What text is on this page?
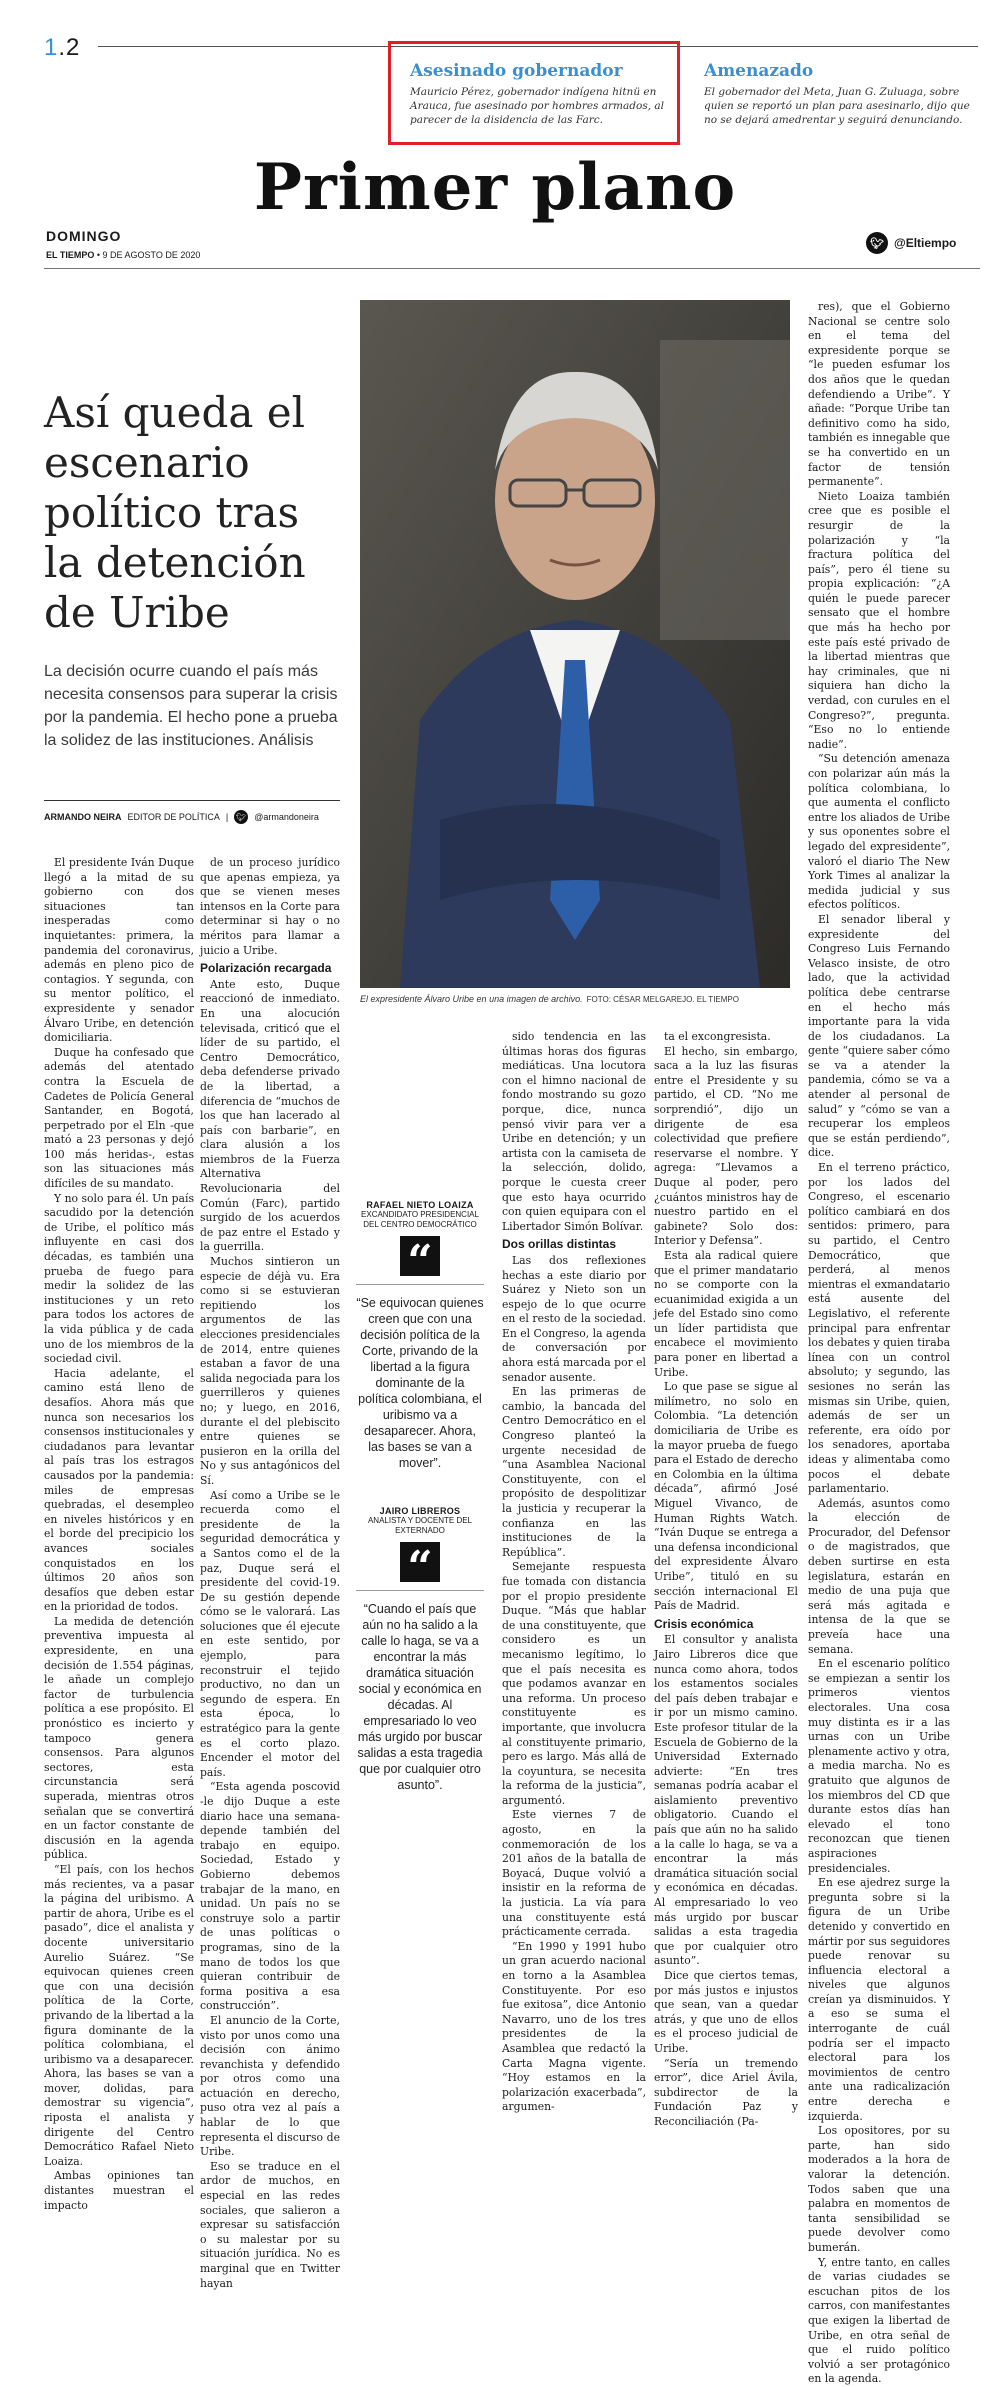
1.2
Asesinado gobernador

Mauricio Pérez, gobernador indígena hitnü en Arauca, fue asesinado por hombres armados, al parecer de la disidencia de las Farc.

Amenazado

El gobernador del Meta, Juan G. Zuluaga, sobre quien se reportó un plan para asesinarlo, dijo que no se dejará amedrentar y seguirá denunciando.

Primer plano
DOMINGO
EL TIEMPO • 9 DE AGOSTO DE 2020
🐦︎ @Eltiempo
Así queda el escenario político tras la detención de Uribe
La decisión ocurre cuando el país más necesita consensos para superar la crisis por la pandemia. El hecho pone a prueba la solidez de las instituciones. Análisis
ARMANDO NEIRA EDITOR DE POLÍTICA | 🐦︎ @armandoneira
El expresidente Álvaro Uribe en una imagen de archivo. FOTO: CÉSAR MELGAREJO. EL TIEMPO

El presidente Iván Duque llegó a la mitad de su gobierno con dos situaciones tan inesperadas como inquietantes: primera, la pandemia del coronavirus, además en pleno pico de contagios. Y segunda, con su mentor político, el expresidente y senador Álvaro Uribe, en detención domiciliaria.

Duque ha confesado que además del atentado contra la Escuela de Cadetes de Policía General Santander, en Bogotá, perpetrado por el Eln -que mató a 23 personas y dejó 100 más heridas-, estas son las situaciones más difíciles de su mandato.

Y no solo para él. Un país sacudido por la detención de Uribe, el político más influyente en casi dos décadas, es también una prueba de fuego para medir la solidez de las instituciones y un reto para todos los actores de la vida pública y de cada uno de los miembros de la sociedad civil.

Hacia adelante, el camino está lleno de desafíos. Ahora más que nunca son necesarios los consensos institucionales y ciudadanos para levantar al país tras los estragos causados por la pandemia: miles de empresas quebradas, el desempleo en niveles históricos y en el borde del precipicio los avances sociales conquistados en los últimos 20 años son desafíos que deben estar en la prioridad de todos.

La medida de detención preventiva impuesta al expresidente, en una decisión de 1.554 páginas, le añade un complejo factor de turbulencia política a ese propósito. El pronóstico es incierto y tampoco genera consensos. Para algunos sectores, esta circunstancia será superada, mientras otros señalan que se convertirá en un factor constante de discusión en la agenda pública.

“El país, con los hechos más recientes, va a pasar la página del uribismo. A partir de ahora, Uribe es el pasado”, dice el analista y docente universitario Aurelio Suárez. “Se equivocan quienes creen que con una decisión política de la Corte, privando de la libertad a la figura dominante de la política colombiana, el uribismo va a desaparecer. Ahora, las bases se van a mover, dolidas, para demostrar su vigencia”, riposta el analista y dirigente del Centro Democrático Rafael Nieto Loaiza.

Ambas opiniones tan distantes muestran el impacto

de un proceso jurídico que apenas empieza, ya que se vienen meses intensos en la Corte para determinar si hay o no méritos para llamar a juicio a Uribe.

Polarización recargada

Ante esto, Duque reaccionó de inmediato. En una alocución televisada, criticó que el líder de su partido, el Centro Democrático, deba defenderse privado de la libertad, a diferencia de “muchos de los que han lacerado al país con barbarie”, en clara alusión a los miembros de la Fuerza Alternativa Revolucionaria del Común (Farc), partido surgido de los acuerdos de paz entre el Estado y la guerrilla.

Muchos sintieron un especie de déjà vu. Era como si se estuvieran repitiendo los argumentos de las elecciones presidenciales de 2014, entre quienes estaban a favor de una salida negociada para los guerrilleros y quienes no; y luego, en 2016, durante el del plebiscito entre quienes se pusieron en la orilla del No y sus antagónicos del Sí.

Así como a Uribe se le recuerda como el presidente de la seguridad democrática y a Santos como el de la paz, Duque será el presidente del covid-19. De su gestión depende cómo se le valorará. Las soluciones que él ejecute en este sentido, por ejemplo, para reconstruir el tejido productivo, no dan un segundo de espera. En esta época, lo estratégico para la gente es el corto plazo. Encender el motor del país.

“Esta agenda poscovid -le dijo Duque a este diario hace una semana- depende también del trabajo en equipo. Sociedad, Estado y Gobierno debemos trabajar de la mano, en unidad. Un país no se construye solo a partir de unas políticas o programas, sino de la mano de todos los que quieran contribuir de forma positiva a esa construcción”.

El anuncio de la Corte, visto por unos como una decisión con ánimo revanchista y defendido por otros como una actuación en derecho, puso otra vez al país a hablar de lo que representa el discurso de Uribe.

Eso se traduce en el ardor de muchos, en especial en las redes sociales, que salieron a expresar su satisfacción o su malestar por su situación jurídica. No es marginal que en Twitter hayan

RAFAEL NIETO LOAIZA
EXCANDIDATO PRESIDENCIAL DEL CENTRO DEMOCRÁTICO
“
“Se equivocan quienes creen que con una decisión política de la Corte, privando de la libertad a la figura dominante de la política colombiana, el uribismo va a desaparecer. Ahora, las bases se van a mover”.
JAIRO LIBREROS
ANALISTA Y DOCENTE DEL EXTERNADO
“
“Cuando el país que aún no ha salido a la calle lo haga, se va a encontrar la más dramática situación social y económica en décadas. Al empresariado lo veo más urgido por buscar salidas a esta tragedia que por cualquier otro asunto”.

sido tendencia en las últimas horas dos figuras mediáticas. Una locutora con el himno nacional de fondo mostrando su gozo porque, dice, nunca pensó vivir para ver a Uribe en detención; y un artista con la camiseta de la selección, dolido, porque le cuesta creer que esto haya ocurrido con quien equipara con el Libertador Simón Bolívar.

Dos orillas distintas

Las dos reflexiones hechas a este diario por Suárez y Nieto son un espejo de lo que ocurre en el resto de la sociedad. En el Congreso, la agenda de conversación por ahora está marcada por el senador ausente.

En las primeras de cambio, la bancada del Centro Democrático en el Congreso planteó la urgente necesidad de “una Asamblea Nacional Constituyente, con el propósito de despolitizar la justicia y recuperar la confianza en las instituciones de la República”.

Semejante respuesta fue tomada con distancia por el propio presidente Duque. “Más que hablar de una constituyente, que considero es un mecanismo legítimo, lo que el país necesita es que podamos avanzar en una reforma. Un proceso constituyente es importante, que involucra al constituyente primario, pero es largo. Más allá de la coyuntura, se necesita la reforma de la justicia”, argumentó.

Este viernes 7 de agosto, en la conmemoración de los 201 años de la batalla de Boyacá, Duque volvió a insistir en la reforma de la justicia. La vía para una constituyente está prácticamente cerrada.

“En 1990 y 1991 hubo un gran acuerdo nacional en torno a la Asamblea Constituyente. Por eso fue exitosa”, dice Antonio Navarro, uno de los tres presidentes de la Asamblea que redactó la Carta Magna vigente. “Hoy estamos en la polarización exacerbada”, argumen-

ta el excongresista.

El hecho, sin embargo, saca a la luz las fisuras entre el Presidente y su partido, el CD. “No me sorprendió”, dijo un dirigente de esa colectividad que prefiere reservarse el nombre. Y agrega: “Llevamos a Duque al poder, pero ¿cuántos ministros hay de nuestro partido en el gabinete? Solo dos: Interior y Defensa”.

Esta ala radical quiere que el primer mandatario no se comporte con la ecuanimidad exigida a un jefe del Estado sino como un líder partidista que encabece el movimiento para poner en libertad a Uribe.

Lo que pase se sigue al milímetro, no solo en Colombia. “La detención domiciliaria de Uribe es la mayor prueba de fuego para el Estado de derecho en Colombia en la última década”, afirmó José Miguel Vivanco, de Human Rights Watch. “Iván Duque se entrega a una defensa incondicional del expresidente Álvaro Uribe”, tituló en su sección internacional El País de Madrid.

Crisis económica

El consultor y analista Jairo Libreros dice que nunca como ahora, todos los estamentos sociales del país deben trabajar e ir por un mismo camino. Este profesor titular de la Escuela de Gobierno de la Universidad Externado advierte: “En tres semanas podría acabar el aislamiento preventivo obligatorio. Cuando el país que aún no ha salido a la calle lo haga, se va a encontrar la más dramática situación social y económica en décadas. Al empresariado lo veo más urgido por buscar salidas a esta tragedia que por cualquier otro asunto”.

Dice que ciertos temas, por más justos e injustos que sean, van a quedar atrás, y que uno de ellos es el proceso judicial de Uribe.

“Sería un tremendo error”, dice Ariel Ávila, subdirector de la Fundación Paz y Reconciliación (Pa-

res), que el Gobierno Nacional se centre solo en el tema del expresidente porque se “le pueden esfumar los dos años que le quedan defendiendo a Uribe”. Y añade: “Porque Uribe tan definitivo como ha sido, también es innegable que se ha convertido en un factor de tensión permanente”.

Nieto Loaiza también cree que es posible el resurgir de la polarización y “la fractura política del país”, pero él tiene su propia explicación: “¿A quién le puede parecer sensato que el hombre que más ha hecho por este país esté privado de la libertad mientras que hay criminales, que ni siquiera han dicho la verdad, con curules en el Congreso?”, pregunta. “Eso no lo entiende nadie”.

“Su detención amenaza con polarizar aún más la política colombiana, lo que aumenta el conflicto entre los aliados de Uribe y sus oponentes sobre el legado del expresidente”, valoró el diario The New York Times al analizar la medida judicial y sus efectos políticos.

El senador liberal y expresidente del Congreso Luis Fernando Velasco insiste, de otro lado, que la actividad política debe centrarse en el hecho más importante para la vida de los ciudadanos. La gente “quiere saber cómo se va a atender la pandemia, cómo se va a atender al personal de salud” y “cómo se van a recuperar los empleos que se están perdiendo”, dice.

En el terreno práctico, por los lados del Congreso, el escenario político cambiará en dos sentidos: primero, para su partido, el Centro Democrático, que perderá, al menos mientras el exmandatario está ausente del Legislativo, el referente principal para enfrentar los debates y quien tiraba línea con un control absoluto; y segundo, las sesiones no serán las mismas sin Uribe, quien, además de ser un referente, era oído por los senadores, aportaba ideas y alimentaba como pocos el debate parlamentario.

Además, asuntos como la elección de Procurador, del Defensor o de magistrados, que deben surtirse en esta legislatura, estarán en medio de una puja que será más agitada e intensa de la que se preveía hace una semana.

En el escenario político se empiezan a sentir los primeros vientos electorales. Una cosa muy distinta es ir a las urnas con un Uribe plenamente activo y otra, a media marcha. No es gratuito que algunos de los miembros del CD que durante estos días han elevado el tono reconozcan que tienen aspiraciones presidenciales.

En ese ajedrez surge la pregunta sobre si la figura de un Uribe detenido y convertido en mártir por sus seguidores puede renovar su influencia electoral a niveles que algunos creían ya disminuidos. Y a eso se suma el interrogante de cuál podría ser el impacto electoral para los movimientos de centro ante una radicalización entre derecha e izquierda.

Los opositores, por su parte, han sido moderados a la hora de valorar la detención. Todos saben que una palabra en momentos de tanta sensibilidad se puede devolver como bumerán.

Y, entre tanto, en calles de varias ciudades se escuchan pitos de los carros, con manifestantes que exigen la libertad de Uribe, en otra señal de que el ruido político volvió a ser protagónico en la agenda.
